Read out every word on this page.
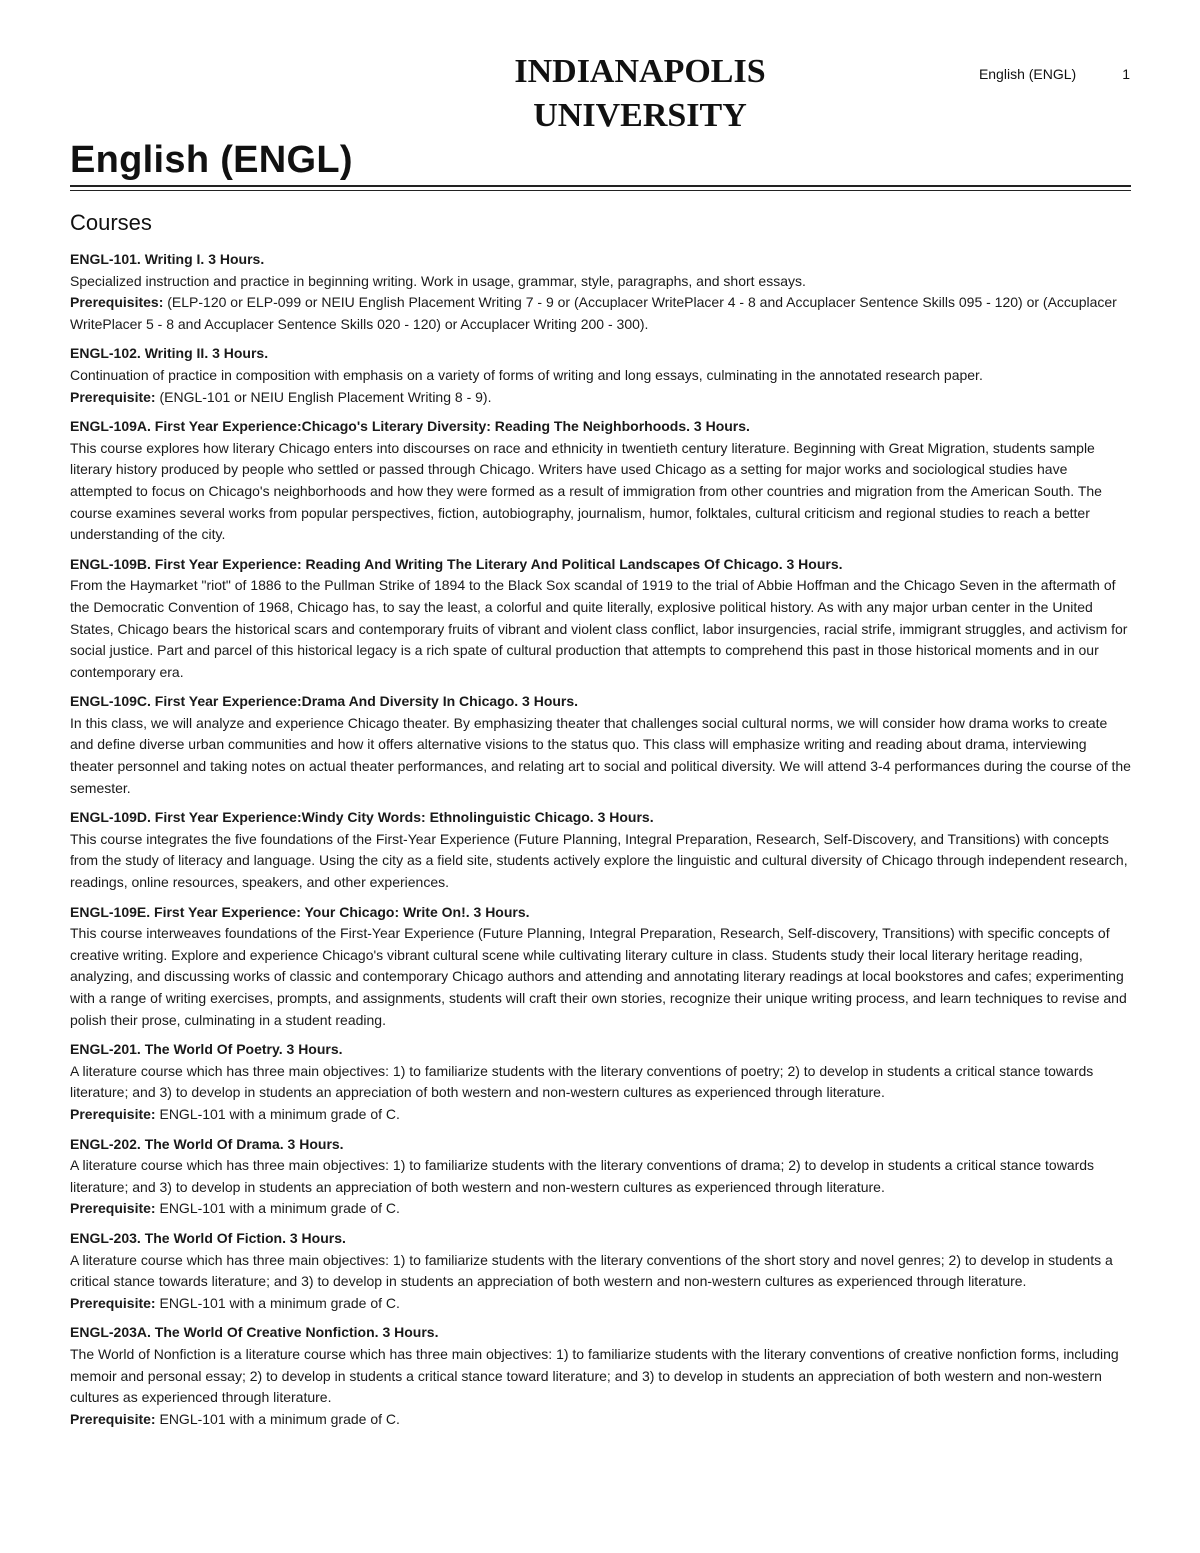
INDIANAPOLIS
UNIVERSITY
English (ENGL)	1
English (ENGL)
Courses
ENGL-101. Writing I. 3 Hours.
Specialized instruction and practice in beginning writing. Work in usage, grammar, style, paragraphs, and short essays.
Prerequisites: (ELP-120 or ELP-099 or NEIU English Placement Writing 7 - 9 or (Accuplacer WritePlacer 4 - 8 and Accuplacer Sentence Skills 095 - 120) or (Accuplacer WritePlacer 5 - 8 and Accuplacer Sentence Skills 020 - 120) or Accuplacer Writing 200 - 300).
ENGL-102. Writing II. 3 Hours.
Continuation of practice in composition with emphasis on a variety of forms of writing and long essays, culminating in the annotated research paper.
Prerequisite: (ENGL-101 or NEIU English Placement Writing 8 - 9).
ENGL-109A. First Year Experience:Chicago's Literary Diversity: Reading The Neighborhoods. 3 Hours.
This course explores how literary Chicago enters into discourses on race and ethnicity in twentieth century literature. Beginning with Great Migration, students sample literary history produced by people who settled or passed through Chicago. Writers have used Chicago as a setting for major works and sociological studies have attempted to focus on Chicago's neighborhoods and how they were formed as a result of immigration from other countries and migration from the American South. The course examines several works from popular perspectives, fiction, autobiography, journalism, humor, folktales, cultural criticism and regional studies to reach a better understanding of the city.
ENGL-109B. First Year Experience: Reading And Writing The Literary And Political Landscapes Of Chicago. 3 Hours.
From the Haymarket "riot" of 1886 to the Pullman Strike of 1894 to the Black Sox scandal of 1919 to the trial of Abbie Hoffman and the Chicago Seven in the aftermath of the Democratic Convention of 1968, Chicago has, to say the least, a colorful and quite literally, explosive political history. As with any major urban center in the United States, Chicago bears the historical scars and contemporary fruits of vibrant and violent class conflict, labor insurgencies, racial strife, immigrant struggles, and activism for social justice. Part and parcel of this historical legacy is a rich spate of cultural production that attempts to comprehend this past in those historical moments and in our contemporary era.
ENGL-109C. First Year Experience:Drama And Diversity In Chicago. 3 Hours.
In this class, we will analyze and experience Chicago theater. By emphasizing theater that challenges social cultural norms, we will consider how drama works to create and define diverse urban communities and how it offers alternative visions to the status quo. This class will emphasize writing and reading about drama, interviewing theater personnel and taking notes on actual theater performances, and relating art to social and political diversity. We will attend 3-4 performances during the course of the semester.
ENGL-109D. First Year Experience:Windy City Words: Ethnolinguistic Chicago. 3 Hours.
This course integrates the five foundations of the First-Year Experience (Future Planning, Integral Preparation, Research, Self-Discovery, and Transitions) with concepts from the study of literacy and language. Using the city as a field site, students actively explore the linguistic and cultural diversity of Chicago through independent research, readings, online resources, speakers, and other experiences.
ENGL-109E. First Year Experience: Your Chicago: Write On!. 3 Hours.
This course interweaves foundations of the First-Year Experience (Future Planning, Integral Preparation, Research, Self-discovery, Transitions) with specific concepts of creative writing. Explore and experience Chicago's vibrant cultural scene while cultivating literary culture in class. Students study their local literary heritage reading, analyzing, and discussing works of classic and contemporary Chicago authors and attending and annotating literary readings at local bookstores and cafes; experimenting with a range of writing exercises, prompts, and assignments, students will craft their own stories, recognize their unique writing process, and learn techniques to revise and polish their prose, culminating in a student reading.
ENGL-201. The World Of Poetry. 3 Hours.
A literature course which has three main objectives: 1) to familiarize students with the literary conventions of poetry; 2) to develop in students a critical stance towards literature; and 3) to develop in students an appreciation of both western and non-western cultures as experienced through literature.
Prerequisite: ENGL-101 with a minimum grade of C.
ENGL-202. The World Of Drama. 3 Hours.
A literature course which has three main objectives: 1) to familiarize students with the literary conventions of drama; 2) to develop in students a critical stance towards literature; and 3) to develop in students an appreciation of both western and non-western cultures as experienced through literature.
Prerequisite: ENGL-101 with a minimum grade of C.
ENGL-203. The World Of Fiction. 3 Hours.
A literature course which has three main objectives: 1) to familiarize students with the literary conventions of the short story and novel genres; 2) to develop in students a critical stance towards literature; and 3) to develop in students an appreciation of both western and non-western cultures as experienced through literature.
Prerequisite: ENGL-101 with a minimum grade of C.
ENGL-203A. The World Of Creative Nonfiction. 3 Hours.
The World of Nonfiction is a literature course which has three main objectives: 1) to familiarize students with the literary conventions of creative nonfiction forms, including memoir and personal essay; 2) to develop in students a critical stance toward literature; and 3) to develop in students an appreciation of both western and non-western cultures as experienced through literature.
Prerequisite: ENGL-101 with a minimum grade of C.
